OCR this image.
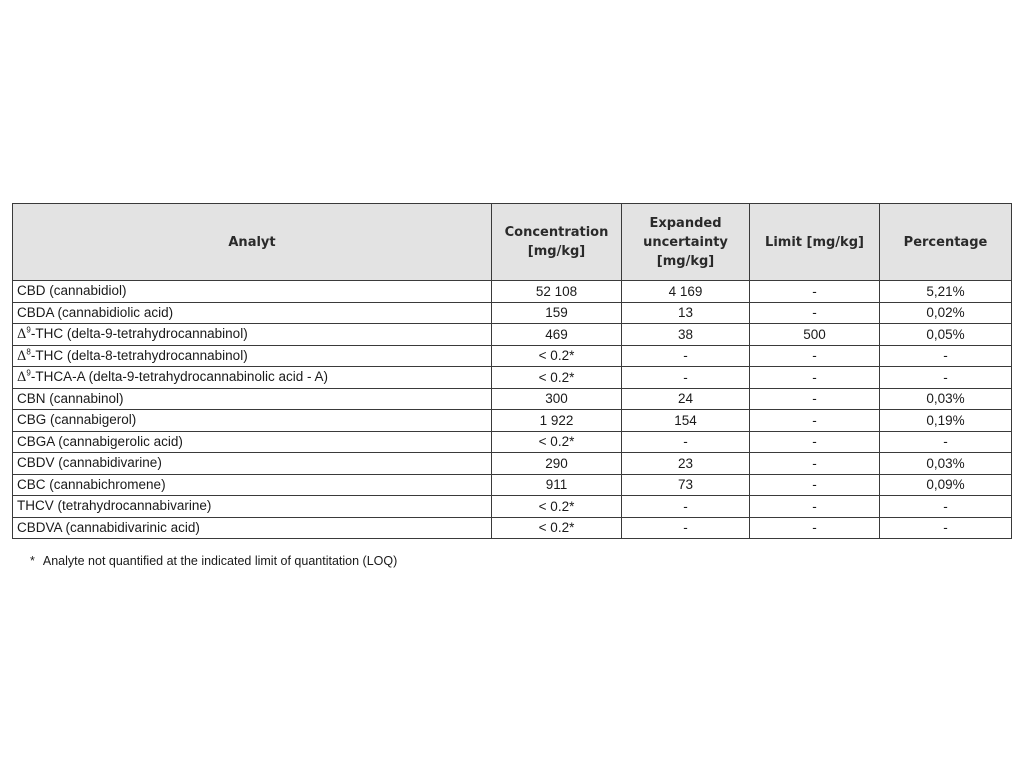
Analyt	Concentration [mg/kg]	Expanded uncertainty [mg/kg]	Limit [mg/kg]	Percentage
CBD (cannabidiol)	52 108	4 169	-	5,21%
CBDA (cannabidiolic acid)	159	13	-	0,02%
$\Delta^9$-THC (delta-9-tetrahydrocannabinol)	469	38	500	0,05%
$\Delta^8$-THC (delta-8-tetrahydrocannabinol)	< 0.2*	-	-	-
$\Delta^9-THCA-A$ (delta-9-tetrahydrocannabinolic acid - A)	< 0.2*	-	-	-
CBN (cannabinol)	300	24	-	0,03%
CBG (cannabigerol)	1 922	154	-	0,19%
CBGA (cannabigerolic acid)	< 0.2*	-	-	-
CBDV (cannabidivarine)	290	23	-	0,03%
CBC (cannabichromene)	911	73	-	0,09%
THCV (tetrahydrocannabivarine)	< 0.2*	-	-	-
CBDVA (cannabidivarinic acid)	< 0.2*	-	-	-
* Analyte not quantified at the indicated limit of quantitation (LOQ)
